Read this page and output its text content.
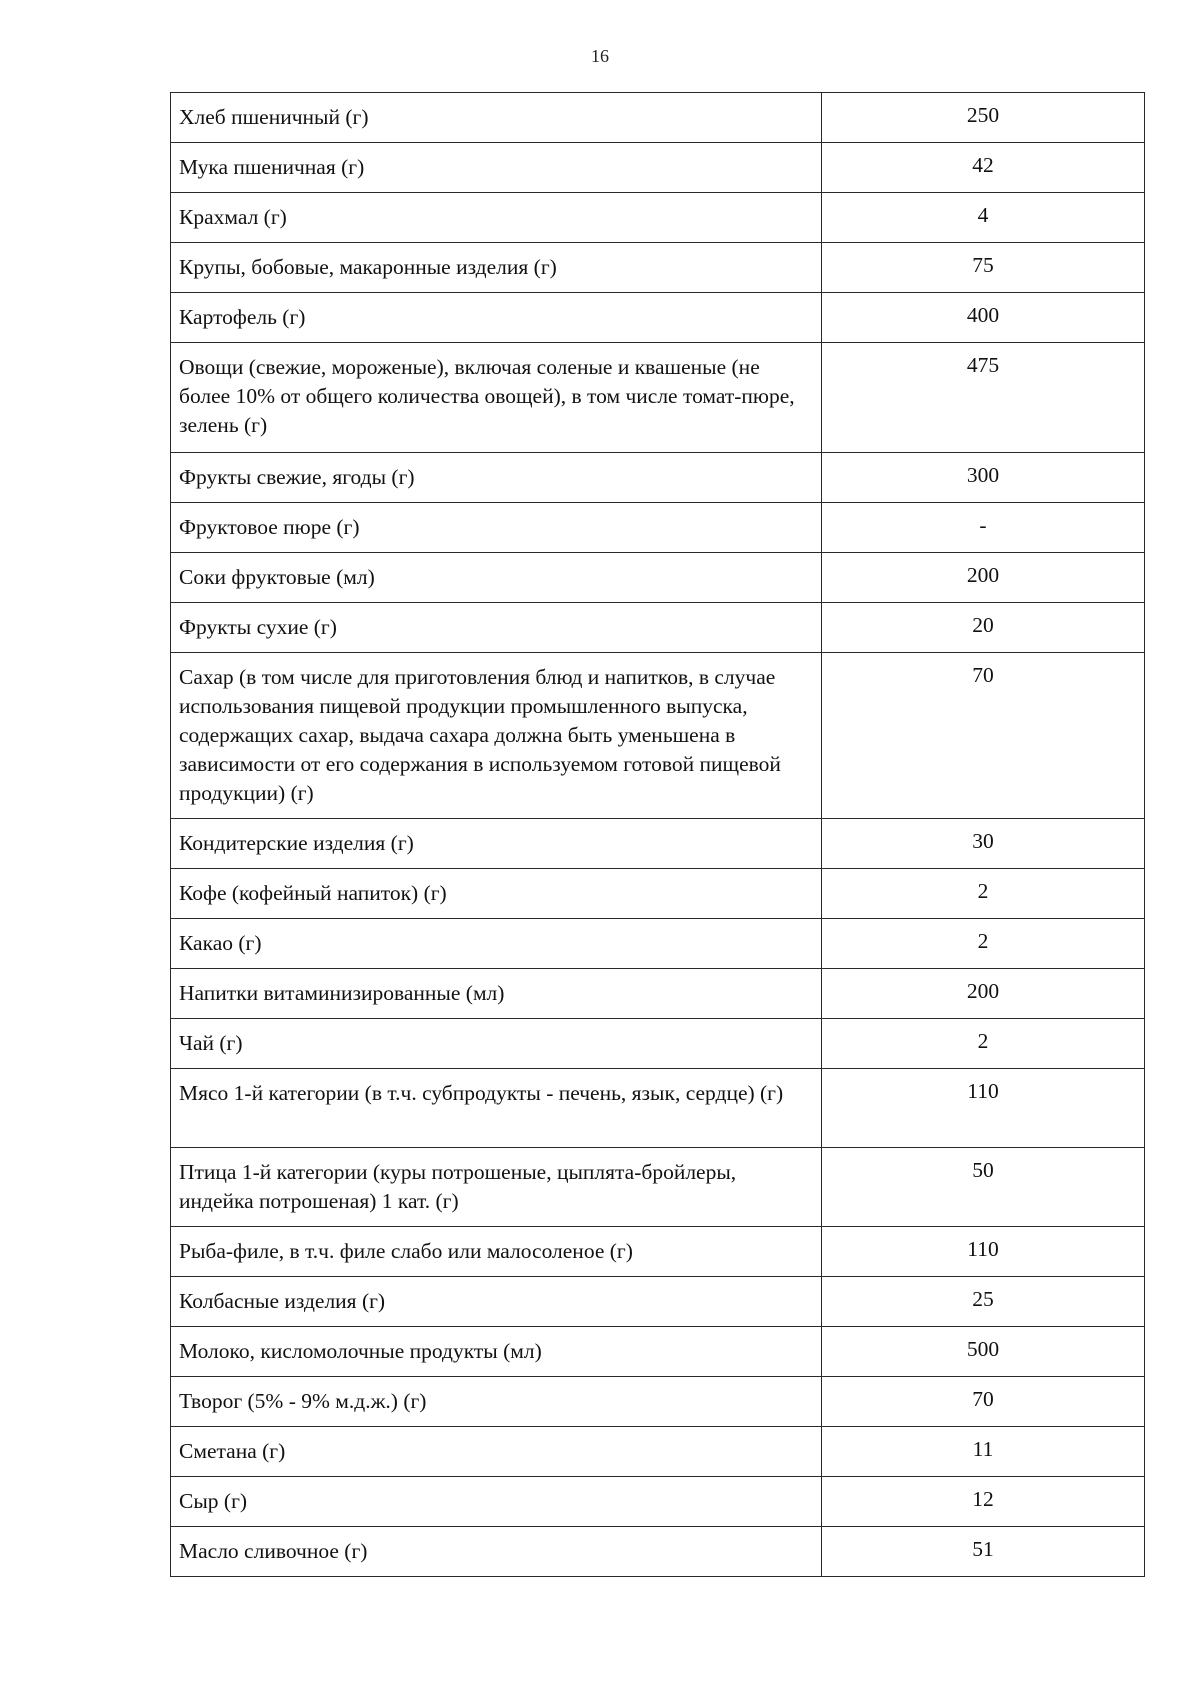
16
Хлеб пшеничный (г)	250
Мука пшеничная (г)	42
Крахмал (г)	4
Крупы, бобовые, макаронные изделия (г)	75
Картофель (г)	400
Овощи (свежие, мороженые), включая соленые и квашеные (не более 10% от общего количества овощей), в том числе томат-пюре, зелень (г)	475
Фрукты свежие, ягоды (г)	300
Фруктовое пюре (г)	-
Соки фруктовые (мл)	200
Фрукты сухие (г)	20
Сахар (в том числе для приготовления блюд и напитков, в случае использования пищевой продукции промышленного выпуска, содержащих сахар, выдача сахара должна быть уменьшена в зависимости от его содержания в используемом готовой пищевой продукции) (г)	70
Кондитерские изделия (г)	30
Кофе (кофейный напиток) (г)	2
Какао (г)	2
Напитки витаминизированные (мл)	200
Чай (г)	2
Мясо 1-й категории (в т.ч. субпродукты - печень, язык, сердце) (г)	110
Птица 1-й категории (куры потрошеные, цыплята-бройлеры, индейка потрошеная) 1 кат. (г)	50
Рыба-филе, в т.ч. филе слабо или малосоленое (г)	110
Колбасные изделия (г)	25
Молоко, кисломолочные продукты (мл)	500
Творог (5% - 9% м.д.ж.) (г)	70
Сметана (г)	11
Сыр (г)	12
Масло сливочное (г)	51
